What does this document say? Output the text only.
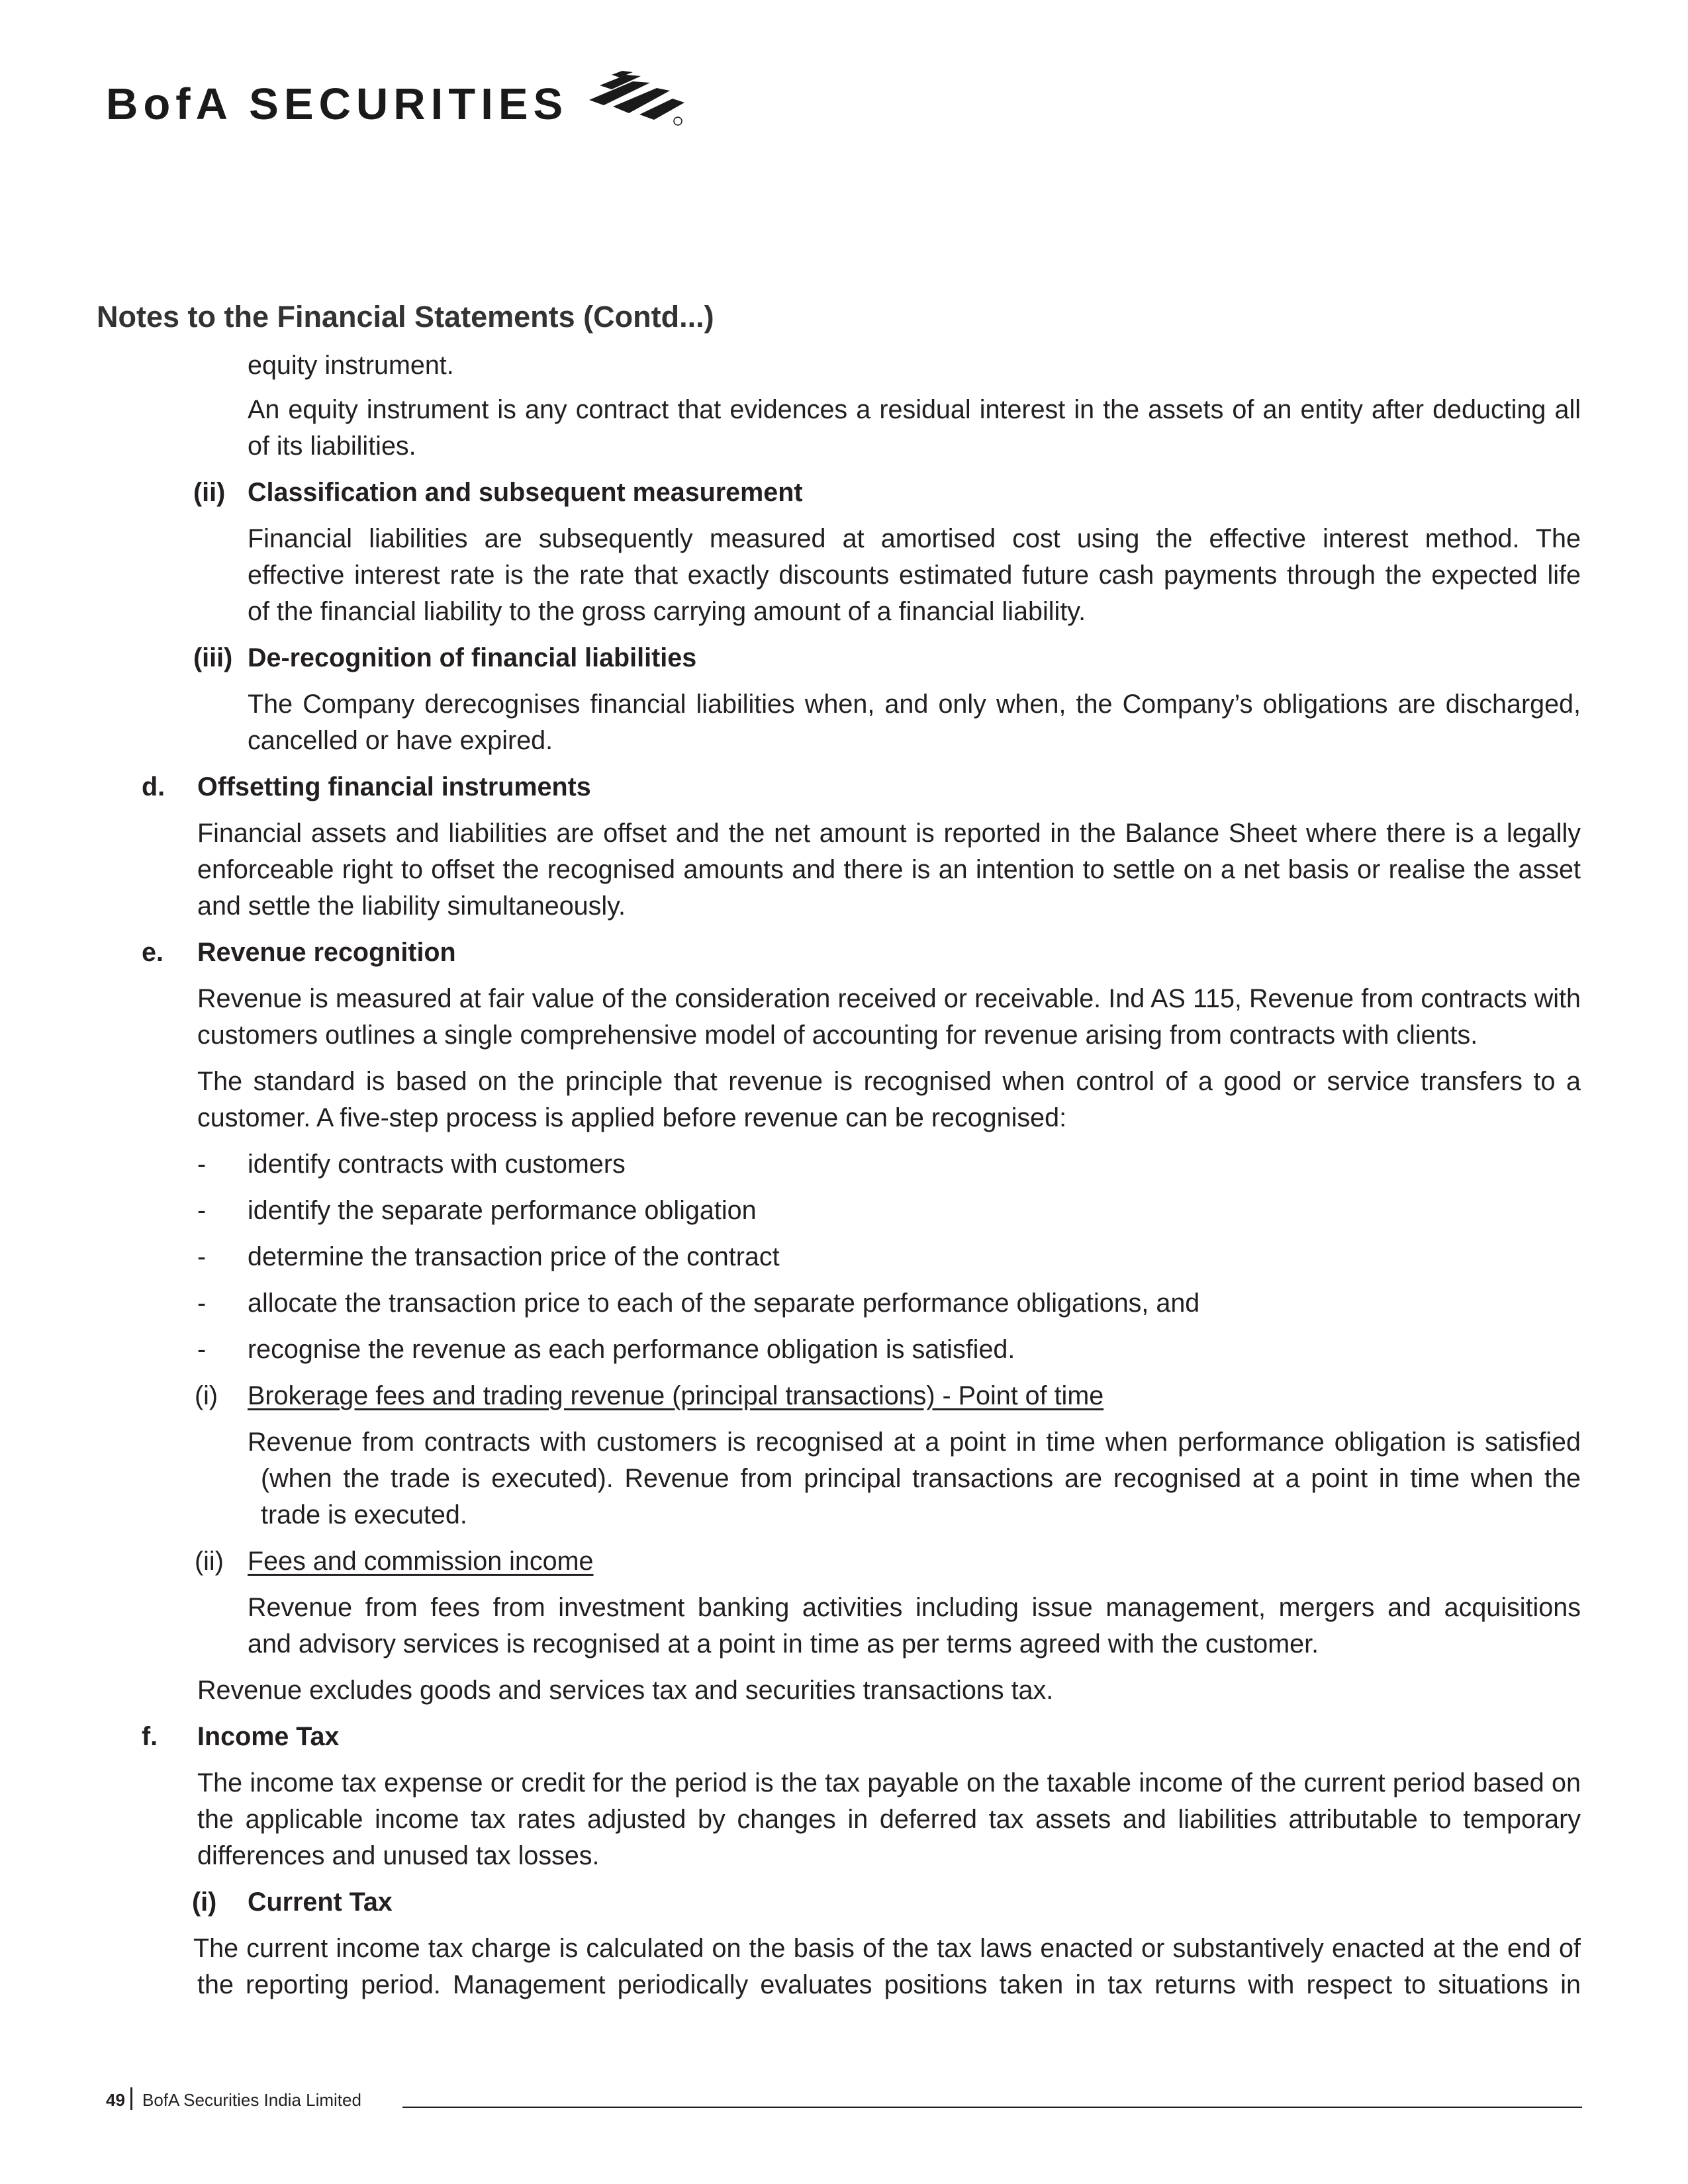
BofA SECURITIES
Notes to the Financial Statements (Contd...)

equity instrument.

An equity instrument is any contract that evidences a residual interest in the assets of an entity after deducting all

of its liabilities.

(ii) Classification and subsequent measurement

Financial liabilities are subsequently measured at amortised cost using the effective interest method. The

effective interest rate is the rate that exactly discounts estimated future cash payments through the expected life

of the financial liability to the gross carrying amount of a financial liability.

(iii) De-recognition of financial liabilities

The Company derecognises financial liabilities when, and only when, the Company’s obligations are discharged,

cancelled or have expired.

d. Offsetting financial instruments

Financial assets and liabilities are offset and the net amount is reported in the Balance Sheet where there is a legally

enforceable right to offset the recognised amounts and there is an intention to settle on a net basis or realise the asset

and settle the liability simultaneously.

e. Revenue recognition

Revenue is measured at fair value of the consideration received or receivable. Ind AS 115, Revenue from contracts with

customers outlines a single comprehensive model of accounting for revenue arising from contracts with clients.

The standard is based on the principle that revenue is recognised when control of a good or service transfers to a

customer. A five-step process is applied before revenue can be recognised:

- identify contracts with customers
- identify the separate performance obligation
- determine the transaction price of the contract
- allocate the transaction price to each of the separate performance obligations, and
- recognise the revenue as each performance obligation is satisfied.
(i) Brokerage fees and trading revenue (principal transactions) - Point of time

Revenue from contracts with customers is recognised at a point in time when performance obligation is satisfied

(when the trade is executed). Revenue from principal transactions are recognised at a point in time when the

trade is executed.

(ii) Fees and commission income

Revenue from fees from investment banking activities including issue management, mergers and acquisitions

and advisory services is recognised at a point in time as per terms agreed with the customer.

Revenue excludes goods and services tax and securities transactions tax.

f. Income Tax

The income tax expense or credit for the period is the tax payable on the taxable income of the current period based on

the applicable income tax rates adjusted by changes in deferred tax assets and liabilities attributable to temporary

differences and unused tax losses.

(i) Current Tax

The current income tax charge is calculated on the basis of the tax laws enacted or substantively enacted at the end of

the reporting period. Management periodically evaluates positions taken in tax returns with respect to situations in

49 BofA Securities India Limited
